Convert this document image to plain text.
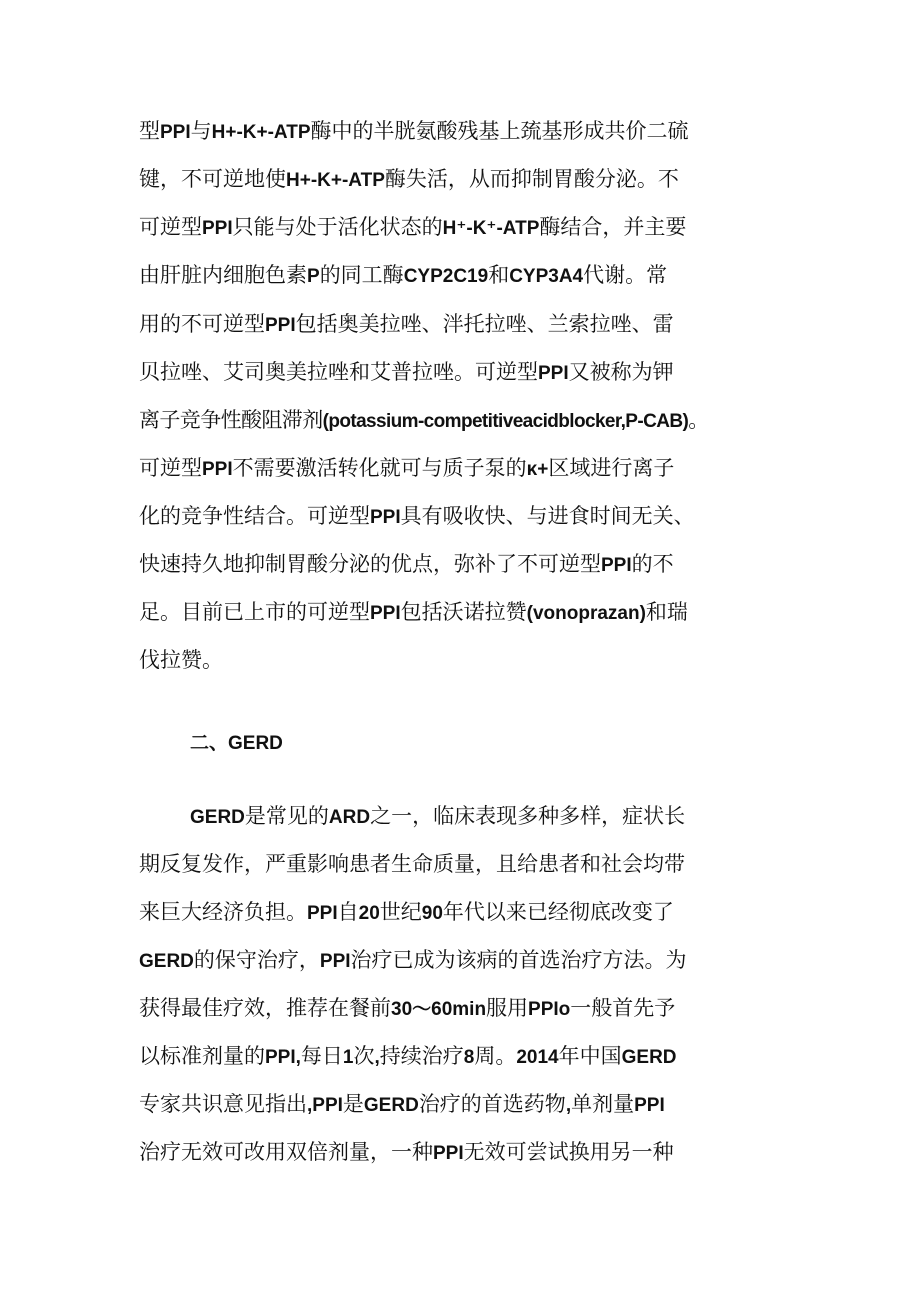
型PPI与H+-K+-ATP酶中的半胱氨酸残基上巯基形成共价二硫

键，不可逆地使H+-K+-ATP酶失活，从而抑制胃酸分泌。不

可逆型PPI只能与处于活化状态的H⁺-K⁺-ATP酶结合，并主要

由肝脏内细胞色素P的同工酶CYP2C19和CYP3A4代谢。常

用的不可逆型PPI包括奥美拉唑、泮托拉唑、兰索拉唑、雷

贝拉唑、艾司奥美拉唑和艾普拉唑。可逆型PPI又被称为钾

离子竞争性酸阻滞剂(potassium-competitiveacidblocker,P-CAB)。

可逆型PPI不需要激活转化就可与质子泵的κ+区域进行离子

化的竞争性结合。可逆型PPI具有吸收快、与进食时间无关、

快速持久地抑制胃酸分泌的优点，弥补了不可逆型PPI的不

足。目前已上市的可逆型PPI包括沃诺拉赞(vonoprazan)和瑞

伐拉赞。

二、GERD

GERD是常见的ARD之一，临床表现多种多样，症状长

期反复发作，严重影响患者生命质量，且给患者和社会均带

来巨大经济负担。PPI自20世纪90年代以来已经彻底改变了

GERD的保守治疗，PPI治疗已成为该病的首选治疗方法。为

获得最佳疗效，推荐在餐前30～60min服用PPIo一般首先予

以标准剂量的PPI,每日1次,持续治疗8周。2014年中国GERD

专家共识意见指出,PPI是GERD治疗的首选药物,单剂量PPI

治疗无效可改用双倍剂量，一种PPI无效可尝试换用另一种
